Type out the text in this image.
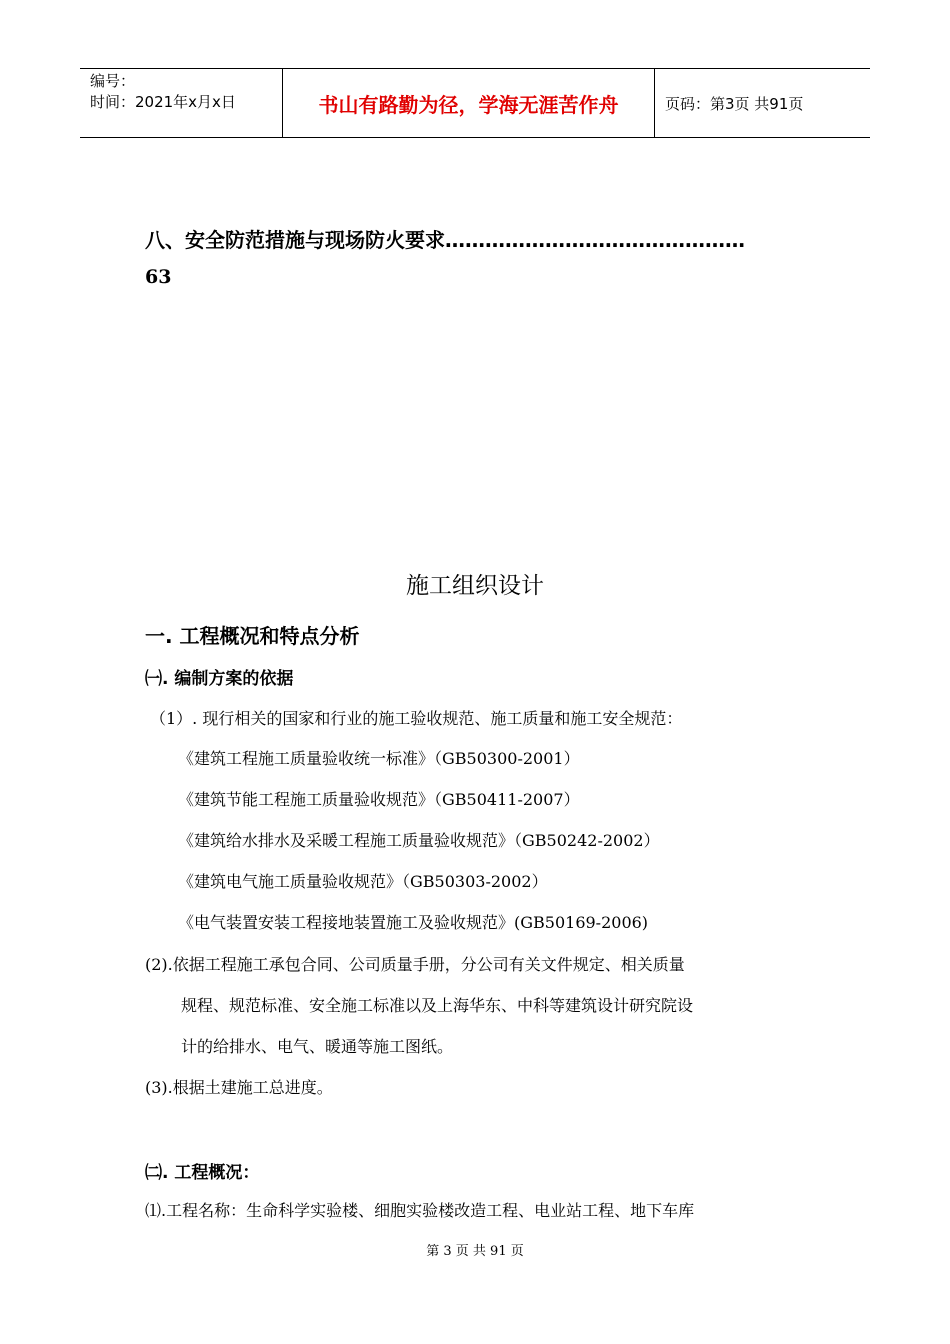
编号：
时间：2021年x月x日	书山有路勤为径，学海无涯苦作舟	页码：第3页 共91页
八、安全防范措施与现场防火要求………………………………………
63
施工组织设计
一. 工程概况和特点分析
㈠. 编制方案的依据
（1）. 现行相关的国家和行业的施工验收规范、施工质量和施工安全规范：
《建筑工程施工质量验收统一标准》（GB50300-2001）
《建筑节能工程施工质量验收规范》（GB50411-2007）
《建筑给水排水及采暖工程施工质量验收规范》（GB50242-2002）
《建筑电气施工质量验收规范》（GB50303-2002）
《电气装置安装工程接地装置施工及验收规范》(GB50169-2006)
(2).依据工程施工承包合同、公司质量手册，分公司有关文件规定、相关质量
规程、规范标准、安全施工标准以及上海华东、中科等建筑设计研究院设
计的给排水、电气、暖通等施工图纸。
(3).根据土建施工总进度。
㈡. 工程概况：
⑴.工程名称：生命科学实验楼、细胞实验楼改造工程、电业站工程、地下车库
第 3 页 共 91 页
